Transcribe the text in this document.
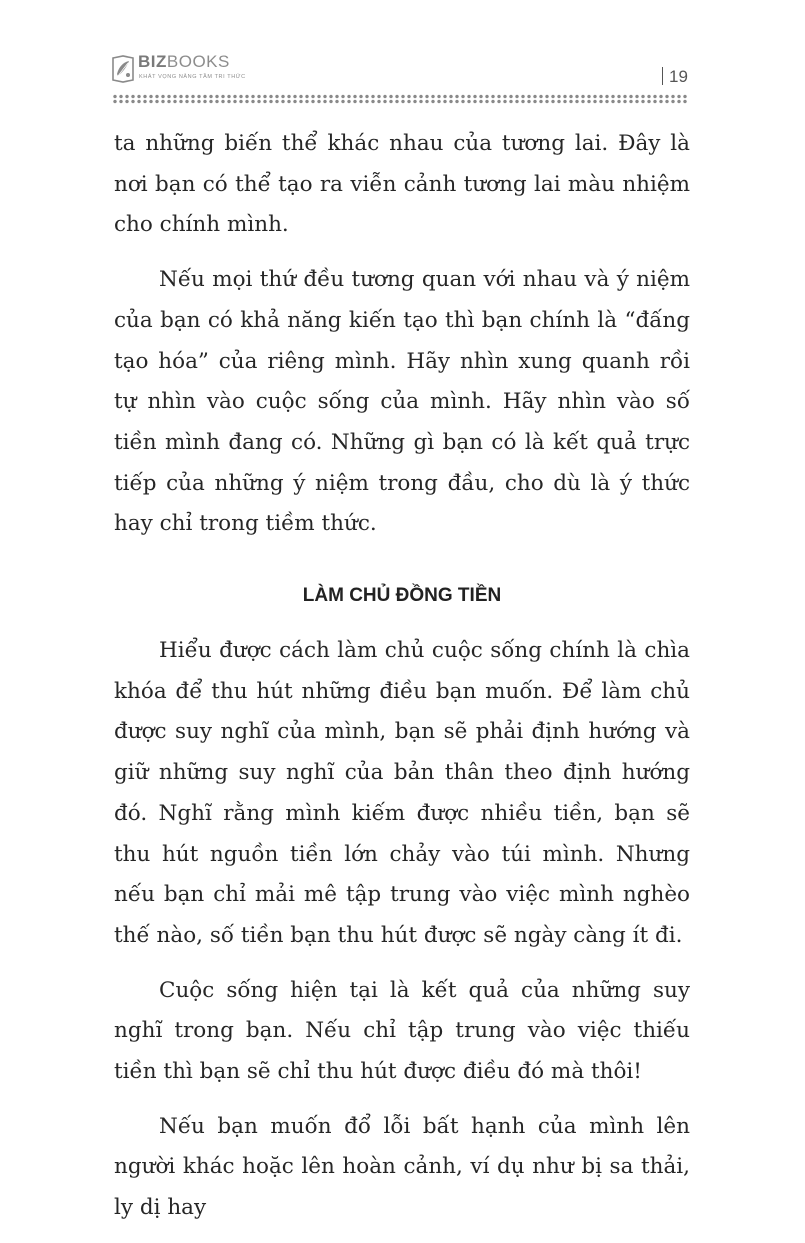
BIZBOOKS
KHÁT VỌNG NÂNG TẦM TRI THỨC	19

ta những biến thể khác nhau của tương lai. Đây là nơi bạn có thể tạo ra viễn cảnh tương lai màu nhiệm cho chính mình.

Nếu mọi thứ đều tương quan với nhau và ý niệm của bạn có khả năng kiến tạo thì bạn chính là “đấng tạo hóa” của riêng mình. Hãy nhìn xung quanh rồi tự nhìn vào cuộc sống của mình. Hãy nhìn vào số tiền mình đang có. Những gì bạn có là kết quả trực tiếp của những ý niệm trong đầu, cho dù là ý thức hay chỉ trong tiềm thức.

LÀM CHỦ ĐỒNG TIỀN

Hiểu được cách làm chủ cuộc sống chính là chìa khóa để thu hút những điều bạn muốn. Để làm chủ được suy nghĩ của mình, bạn sẽ phải định hướng và giữ những suy nghĩ của bản thân theo định hướng đó. Nghĩ rằng mình kiếm được nhiều tiền, bạn sẽ thu hút nguồn tiền lớn chảy vào túi mình. Nhưng nếu bạn chỉ mải mê tập trung vào việc mình nghèo thế nào, số tiền bạn thu hút được sẽ ngày càng ít đi.

Cuộc sống hiện tại là kết quả của những suy nghĩ trong bạn. Nếu chỉ tập trung vào việc thiếu tiền thì bạn sẽ chỉ thu hút được điều đó mà thôi!

Nếu bạn muốn đổ lỗi bất hạnh của mình lên người khác hoặc lên hoàn cảnh, ví dụ như bị sa thải, ly dị hay
